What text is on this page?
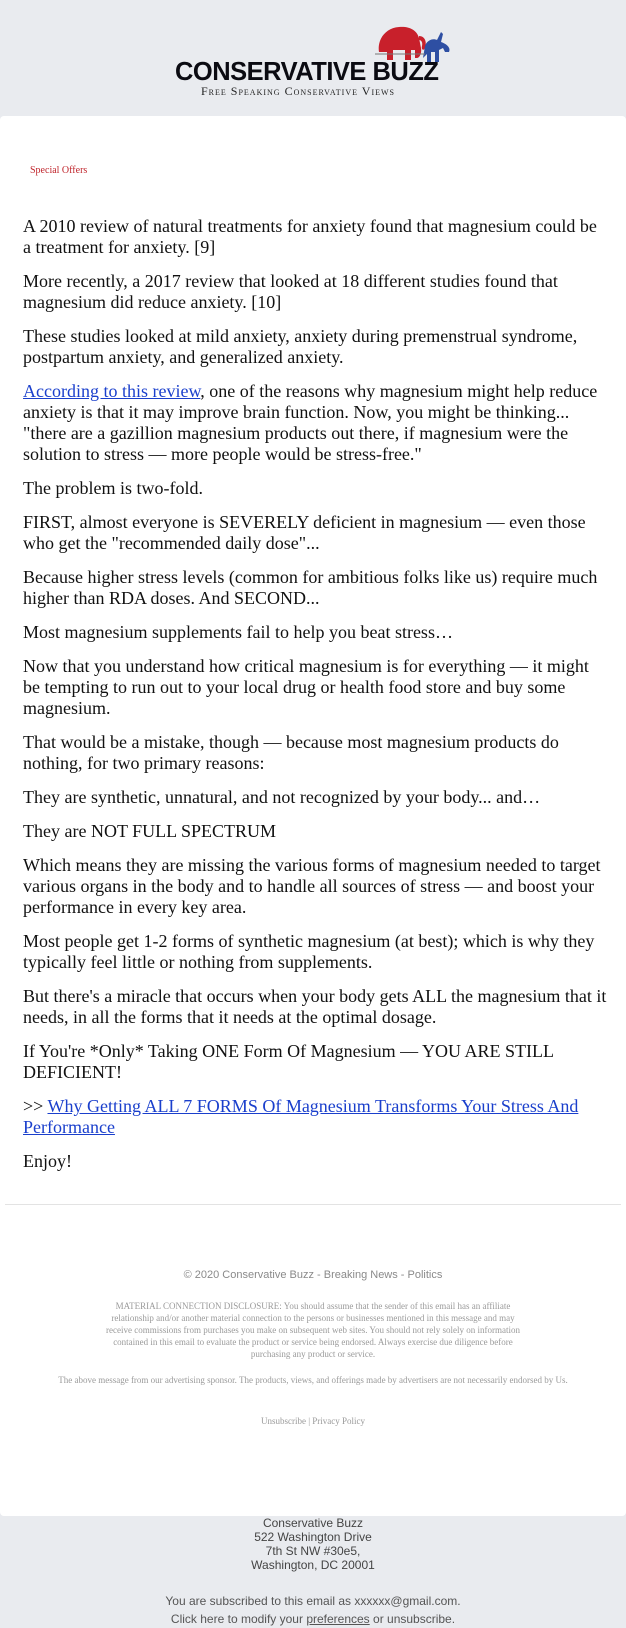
CONSERVATIVE BUZZ
Free Speaking Conservative Views
Special Offers

A 2010 review of natural treatments for anxiety found that magnesium could be a treatment for anxiety. [9]

More recently, a 2017 review that looked at 18 different studies found that magnesium did reduce anxiety. [10]

These studies looked at mild anxiety, anxiety during premenstrual syndrome, postpartum anxiety, and generalized anxiety.

According to this review, one of the reasons why magnesium might help reduce anxiety is that it may improve brain function. Now, you might be thinking... "there are a gazillion magnesium products out there, if magnesium were the solution to stress — more people would be stress-free."

The problem is two-fold.

FIRST, almost everyone is SEVERELY deficient in magnesium — even those who get the "recommended daily dose"...

Because higher stress levels (common for ambitious folks like us) require much higher than RDA doses. And SECOND...

Most magnesium supplements fail to help you beat stress…

Now that you understand how critical magnesium is for everything — it might be tempting to run out to your local drug or health food store and buy some magnesium.

That would be a mistake, though — because most magnesium products do nothing, for two primary reasons:

They are synthetic, unnatural, and not recognized by your body... and…

They are NOT FULL SPECTRUM

Which means they are missing the various forms of magnesium needed to target various organs in the body and to handle all sources of stress — and boost your performance in every key area.

Most people get 1-2 forms of synthetic magnesium (at best); which is why they typically feel little or nothing from supplements.

But there's a miracle that occurs when your body gets ALL the magnesium that it needs, in all the forms that it needs at the optimal dosage.

If You're *Only* Taking ONE Form Of Magnesium — YOU ARE STILL DEFICIENT!

>> Why Getting ALL 7 FORMS Of Magnesium Transforms Your Stress And Performance

Enjoy!

© 2020 Conservative Buzz - Breaking News - Politics
MATERIAL CONNECTION DISCLOSURE: You should assume that the sender of this email has an affiliate relationship and/or another material connection to the persons or businesses mentioned in this message and may receive commissions from purchases you make on subsequent web sites. You should not rely solely on information contained in this email to evaluate the product or service being endorsed. Always exercise due diligence before purchasing any product or service.
The above message from our advertising sponsor. The products, views, and offerings made by advertisers are not necessarily endorsed by Us.
Unsubscribe | Privacy Policy
Conservative Buzz
522 Washington Drive
7th St NW #30e5,
Washington, DC 20001
You are subscribed to this email as xxxxxx@gmail.com.
Click here to modify your preferences or unsubscribe.
